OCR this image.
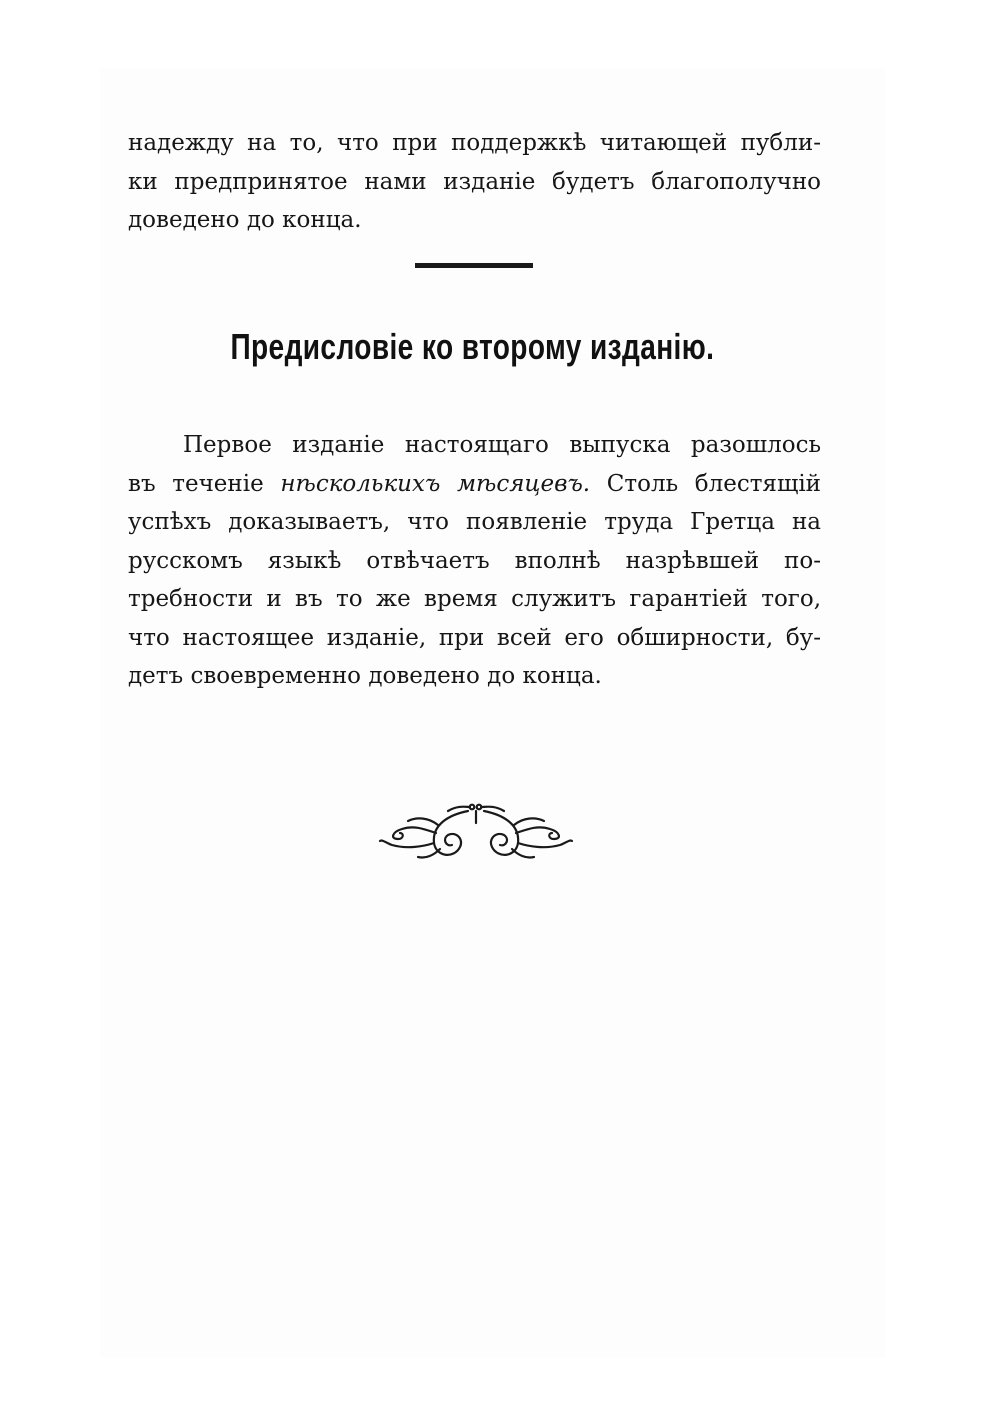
надежду на то, что при поддержкѣ читающей публи-
ки предпринятое нами изданіе будетъ благополучно
доведено до конца.
Предисловіе ко второму изданію.
Первое изданіе настоящаго выпуска разошлось
въ теченіе нѣсколькихъ мѣсяцевъ. Столь блестящій
успѣхъ доказываетъ, что появленіе труда Гретца на
русскомъ языкѣ отвѣчаетъ вполнѣ назрѣвшей по-
требности и въ то же время служитъ гарантіей того,
что настоящее изданіе, при всей его обширности, бу-
детъ своевременно доведено до конца.
